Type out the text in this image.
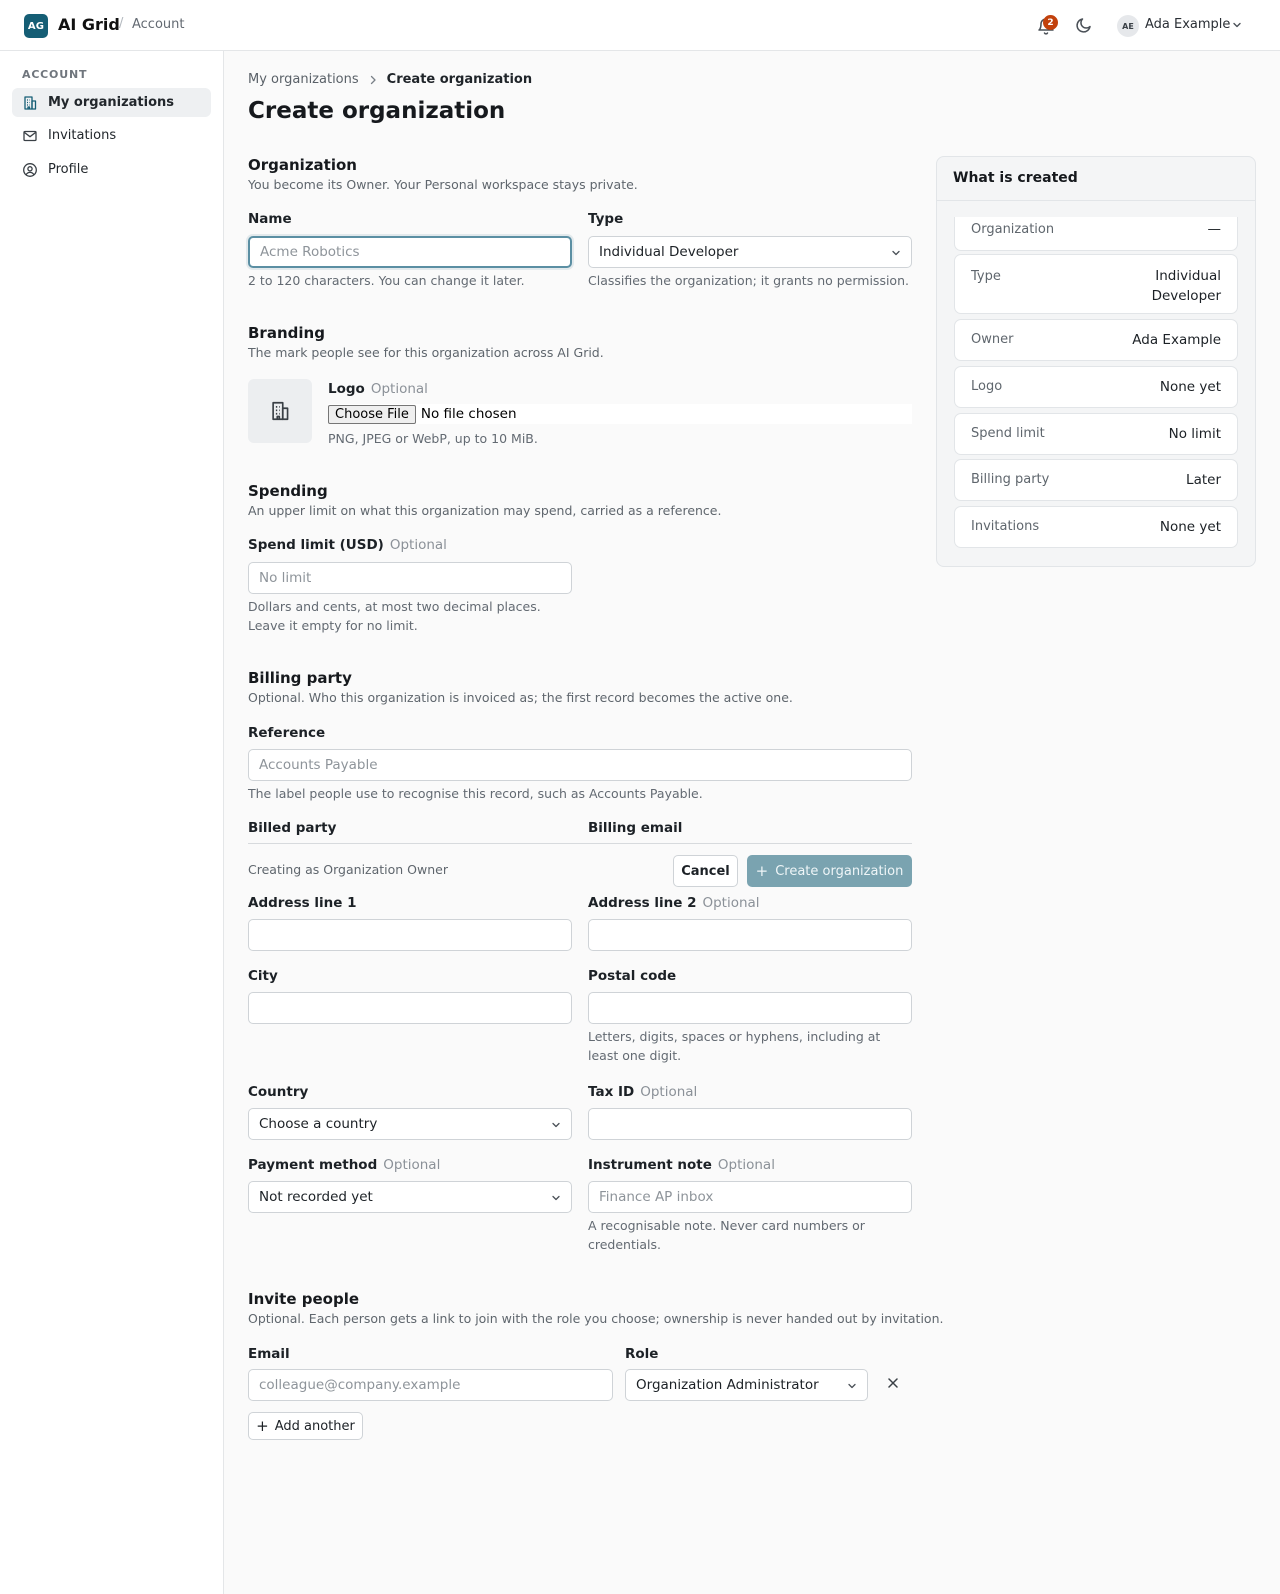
AG AI Grid / Account	2	AE Ada Example
ACCOUNT
My organizations
Invitations
Profile
My organizations Create organization
Create organization
Organization
You become its Owner. Your Personal workspace stays private.
Name
Acme Robotics
2 to 120 characters. You can change it later.
Type
Individual Developer
Classifies the organization; it grants no permission.
Branding
The mark people see for this organization across AI Grid.
Logo Optional
Choose File No file chosen
PNG, JPEG or WebP, up to 10 MiB.
Spending
An upper limit on what this organization may spend, carried as a reference.
Spend limit (USD) Optional
No limit
Dollars and cents, at most two decimal places. Leave it empty for no limit.
Billing party
Optional. Who this organization is invoiced as; the first record becomes the active one.
Reference
Accounts Payable
The label people use to recognise this record, such as Accounts Payable.
Billed party	Billing email
Address line 1	Address line 2 Optional
City	Postal code
Letters, digits, spaces or hyphens, including at least one digit.
Country	Tax ID Optional
Choose a country
Payment method Optional	Instrument note Optional
Not recorded yet
Finance AP inbox
A recognisable note. Never card numbers or credentials.
Creating as Organization Owner	Cancel	+ Create organization
Invite people
Optional. Each person gets a link to join with the role you choose; ownership is never handed out by invitation.
Email	Role
colleague@company.example
Organization Administrator
+ Add another
What is created
Organization	—
Type	Individual Developer
Owner	Ada Example
Logo	None yet
Spend limit	No limit
Billing party	Later
Invitations	None yet
